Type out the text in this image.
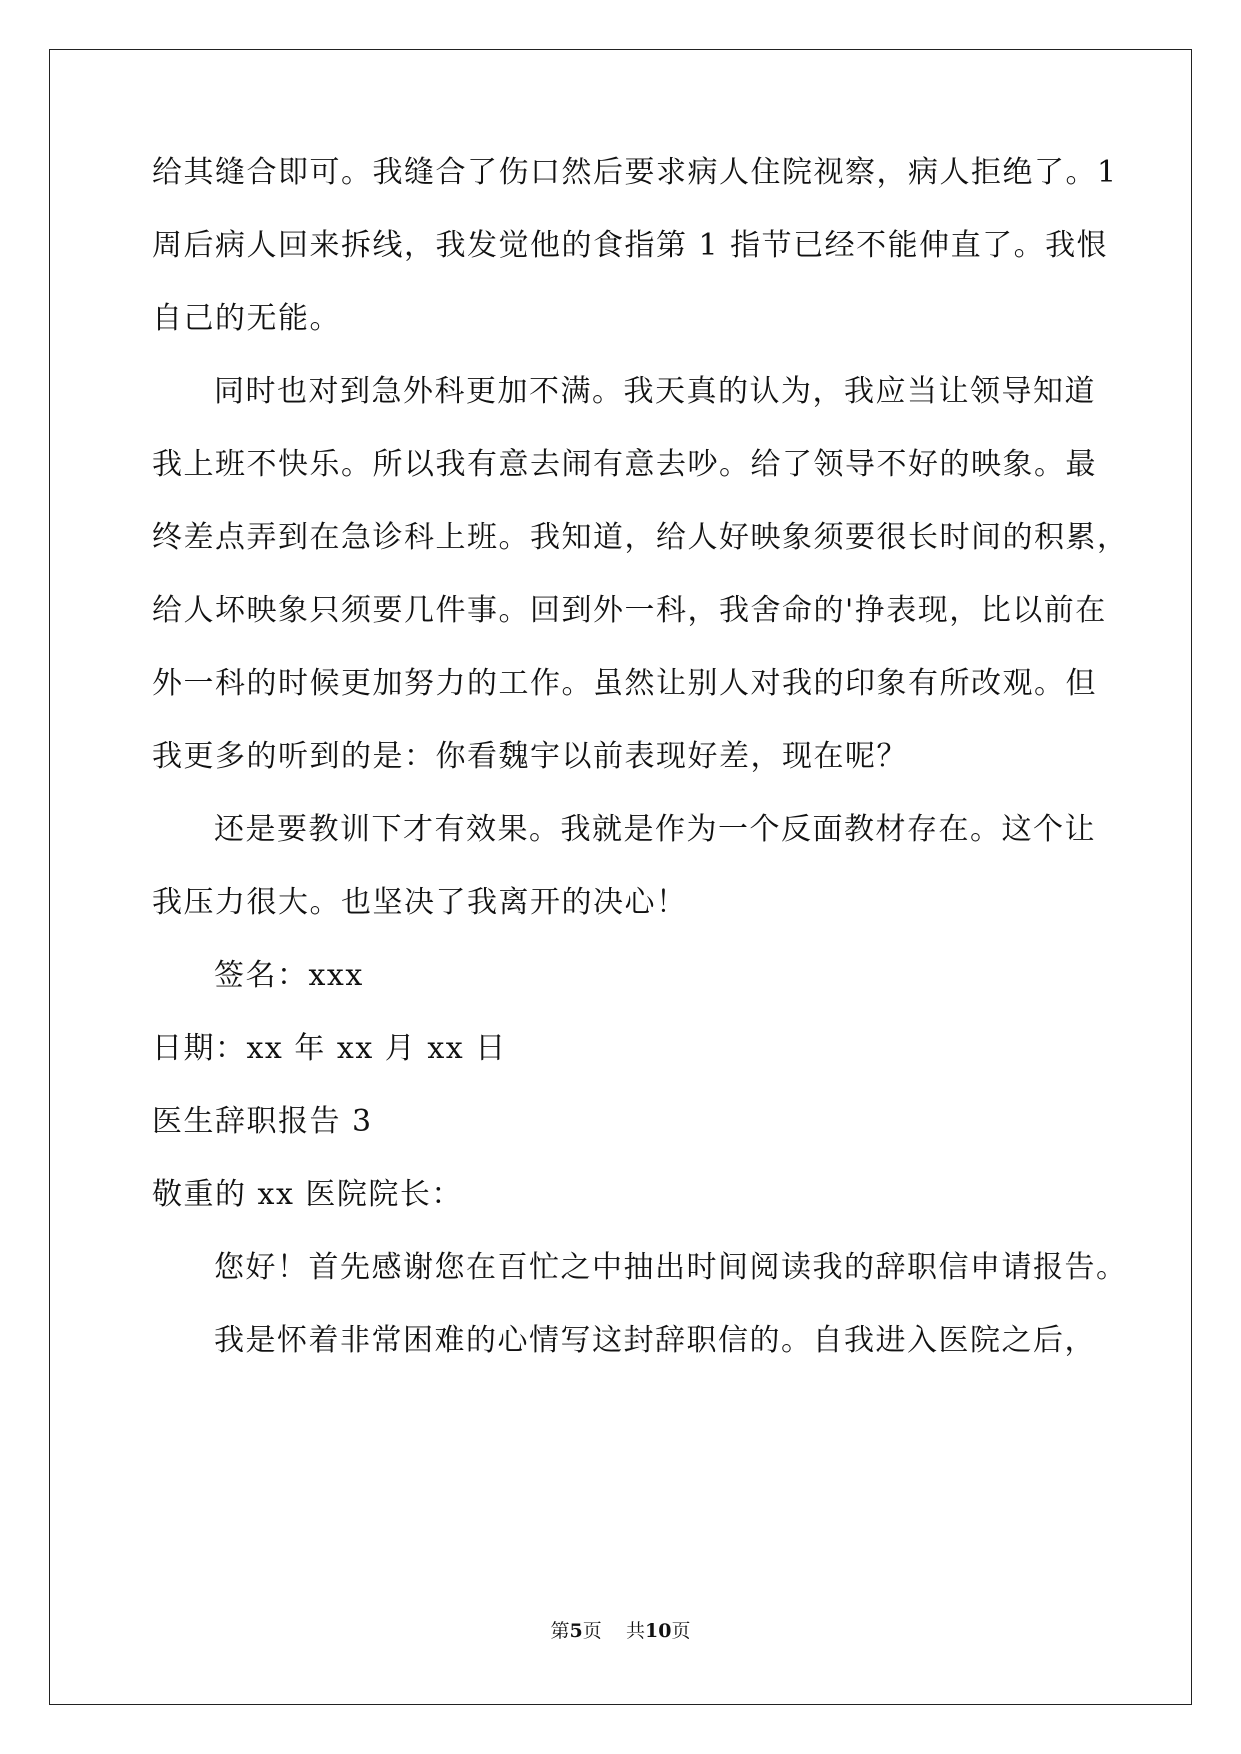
给其缝合即可。我缝合了伤口然后要求病人住院视察，病人拒绝了。1
周后病人回来拆线，我发觉他的食指第 1 指节已经不能伸直了。我恨
自己的无能。
同时也对到急外科更加不满。我天真的认为，我应当让领导知道
我上班不快乐。所以我有意去闹有意去吵。给了领导不好的映象。最
终差点弄到在急诊科上班。我知道，给人好映象须要很长时间的积累，
给人坏映象只须要几件事。回到外一科，我舍命的'挣表现，比以前在
外一科的时候更加努力的工作。虽然让别人对我的印象有所改观。但
我更多的听到的是：你看魏宇以前表现好差，现在呢？
还是要教训下才有效果。我就是作为一个反面教材存在。这个让
我压力很大。也坚决了我离开的决心！
签名：xxx
日期：xx 年 xx 月 xx 日
医生辞职报告 3
敬重的 xx 医院院长：
您好！首先感谢您在百忙之中抽出时间阅读我的辞职信申请报告。
我是怀着非常困难的心情写这封辞职信的。自我进入医院之后，
第5页 共10页
